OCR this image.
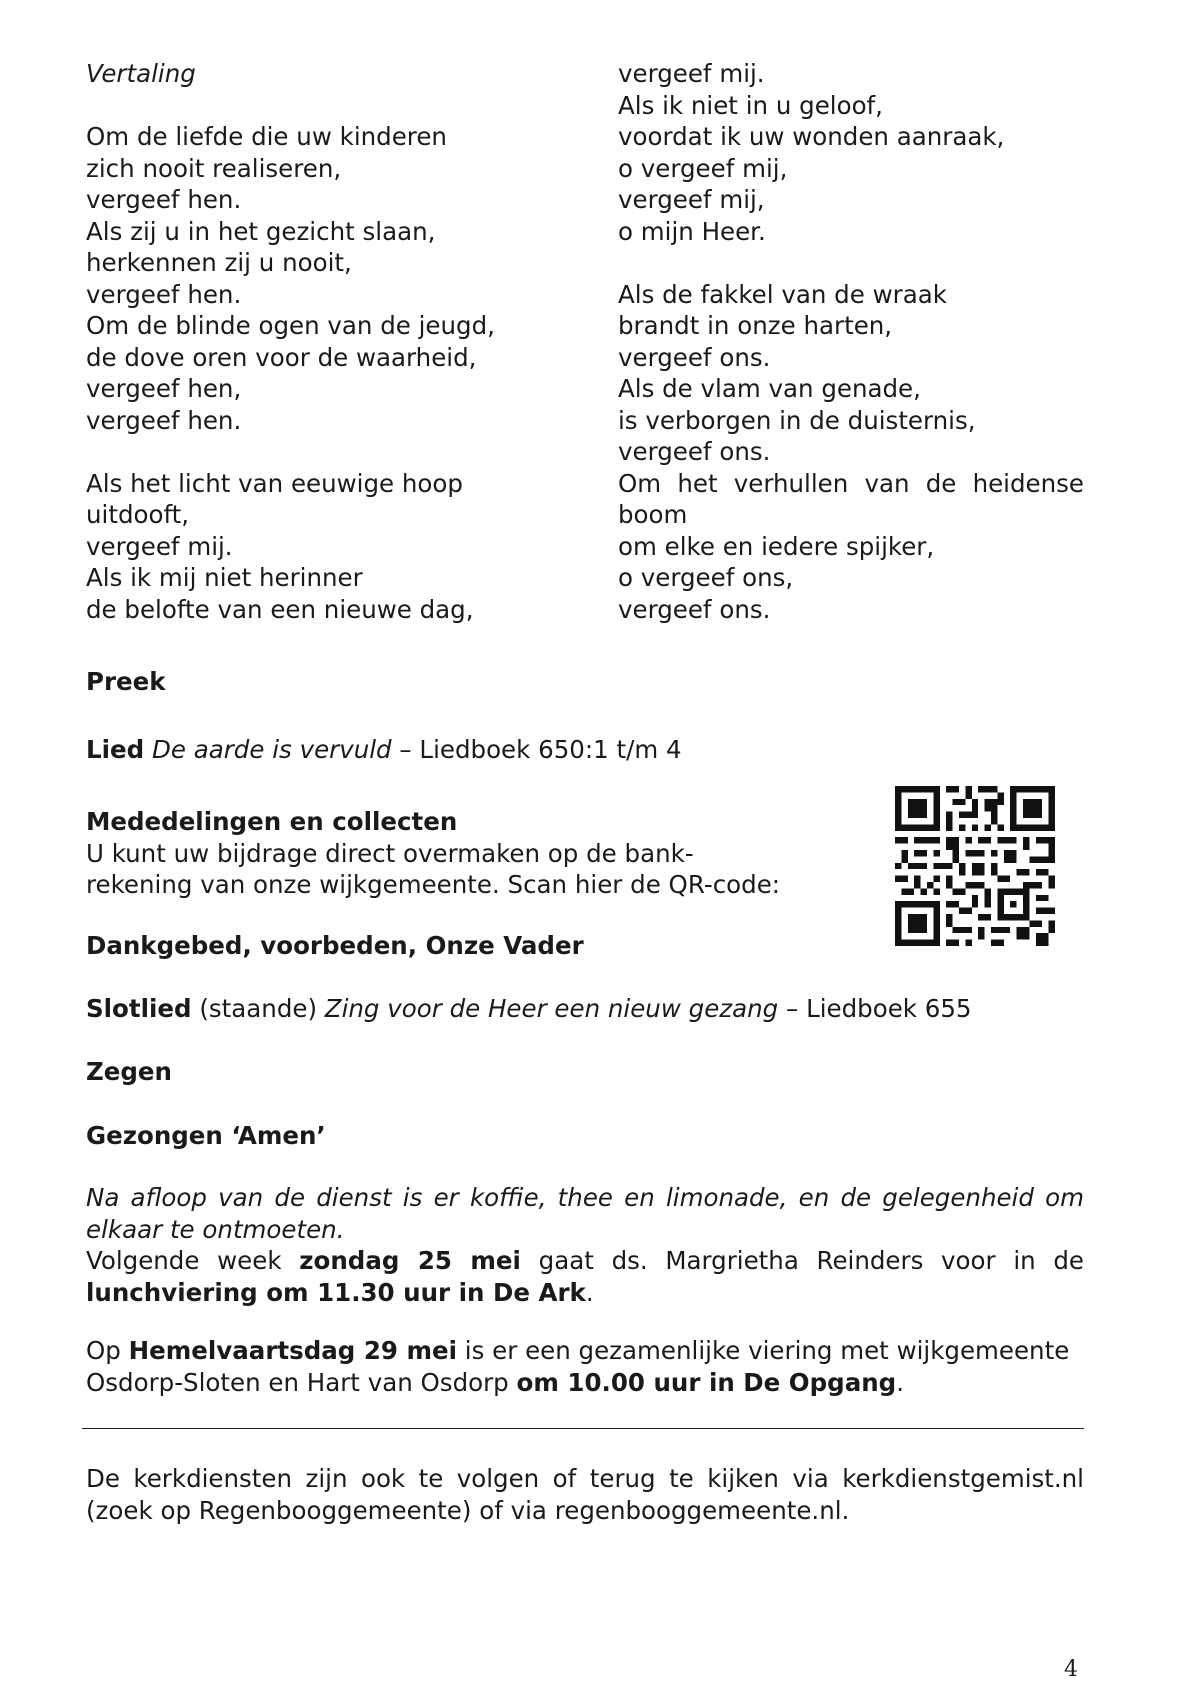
Vertaling
Om de liefde die uw kinderen
zich nooit realiseren,
vergeef hen.
Als zij u in het gezicht slaan,
herkennen zij u nooit,
vergeef hen.
Om de blinde ogen van de jeugd,
de dove oren voor de waarheid,
vergeef hen,
vergeef hen.
Als het licht van eeuwige hoop
uitdooft,
vergeef mij.
Als ik mij niet herinner
de belofte van een nieuwe dag,
vergeef mij.
Als ik niet in u geloof,
voordat ik uw wonden aanraak,
o vergeef mij,
vergeef mij,
o mijn Heer.
Als de fakkel van de wraak
brandt in onze harten,
vergeef ons.
Als de vlam van genade,
is verborgen in de duisternis,
vergeef ons.
Om het verhullen van de heidense
boom
om elke en iedere spijker,
o vergeef ons,
vergeef ons.
Preek
Lied De aarde is vervuld – Liedboek 650:1 t/m 4
Mededelingen en collecten
U kunt uw bijdrage direct overmaken op de bank-
rekening van onze wijkgemeente. Scan hier de QR-code:
Dankgebed, voorbeden, Onze Vader
Slotlied (staande) Zing voor de Heer een nieuw gezang – Liedboek 655
Zegen
Gezongen ‘Amen’
Na afloop van de dienst is er koffie, thee en limonade, en de gelegenheid om elkaar te ontmoeten.
Volgende week zondag 25 mei gaat ds. Margrietha Reinders voor in de lunchviering om 11.30 uur in De Ark.
Op Hemelvaartsdag 29 mei is er een gezamenlijke viering met wijkgemeente Osdorp-Sloten en Hart van Osdorp om 10.00 uur in De Opgang.
De kerkdiensten zijn ook te volgen of terug te kijken via kerkdienstgemist.nl (zoek op Regenbooggemeente) of via regenbooggemeente.nl.
4
